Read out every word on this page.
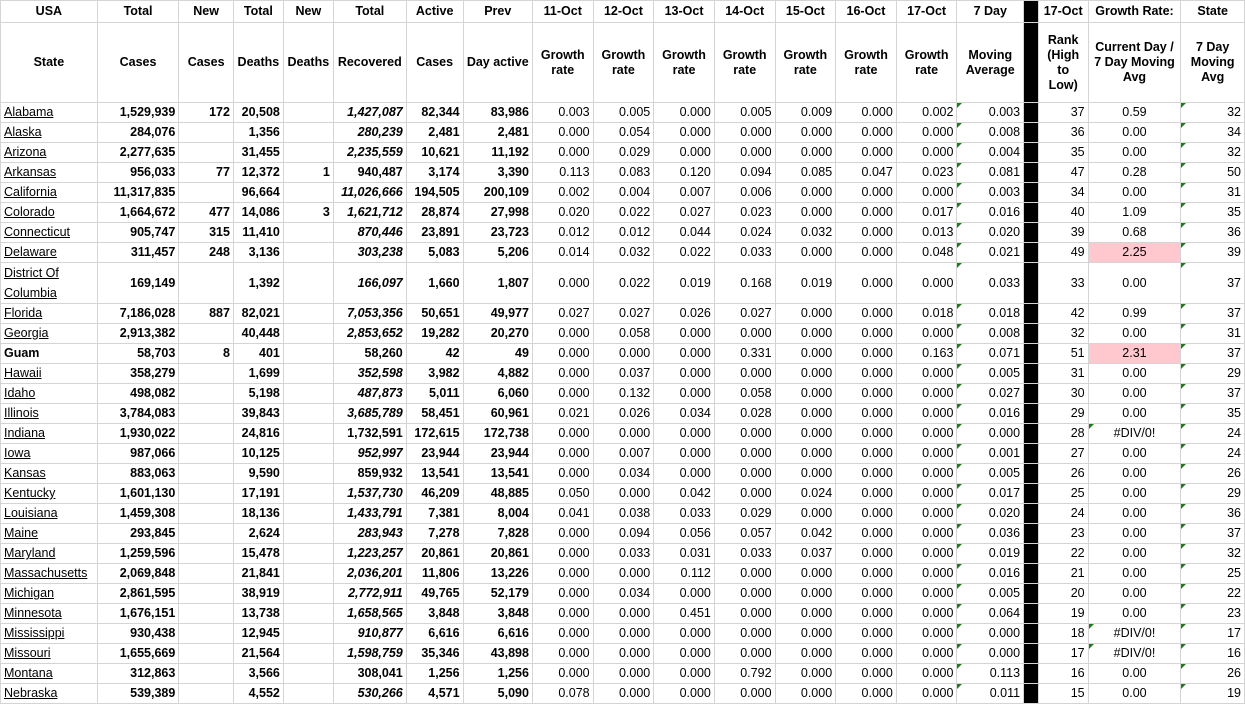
USA	Total	New	Total	New	Total	Active	Prev	11-Oct	12-Oct	13-Oct	14-Oct	15-Oct	16-Oct	17-Oct	7 Day		17-Oct	Growth Rate:	State
State	Cases	Cases	Deaths	Deaths	Recovered	Cases	Day active	Growth rate	Growth rate	Growth rate	Growth rate	Growth rate	Growth rate	Growth rate	Moving Average		Rank (High to Low)	Current Day / 7 Day Moving Avg	7 Day Moving Avg
Alabama	1,529,939	172	20,508		1,427,087	82,344	83,986	0.003	0.005	0.000	0.005	0.009	0.000	0.002	0.003		37	0.59	32
Alaska	284,076		1,356		280,239	2,481	2,481	0.000	0.054	0.000	0.000	0.000	0.000	0.000	0.008		36	0.00	34
Arizona	2,277,635		31,455		2,235,559	10,621	11,192	0.000	0.029	0.000	0.000	0.000	0.000	0.000	0.004		35	0.00	32
Arkansas	956,033	77	12,372	1	940,487	3,174	3,390	0.113	0.083	0.120	0.094	0.085	0.047	0.023	0.081		47	0.28	50
California	11,317,835		96,664		11,026,666	194,505	200,109	0.002	0.004	0.007	0.006	0.000	0.000	0.000	0.003		34	0.00	31
Colorado	1,664,672	477	14,086	3	1,621,712	28,874	27,998	0.020	0.022	0.027	0.023	0.000	0.000	0.017	0.016		40	1.09	35
Connecticut	905,747	315	11,410		870,446	23,891	23,723	0.012	0.012	0.044	0.024	0.032	0.000	0.013	0.020		39	0.68	36
Delaware	311,457	248	3,136		303,238	5,083	5,206	0.014	0.032	0.022	0.033	0.000	0.000	0.048	0.021		49	2.25	39
District Of Columbia	169,149		1,392		166,097	1,660	1,807	0.000	0.022	0.019	0.168	0.019	0.000	0.000	0.033		33	0.00	37
Florida	7,186,028	887	82,021		7,053,356	50,651	49,977	0.027	0.027	0.026	0.027	0.000	0.000	0.018	0.018		42	0.99	37
Georgia	2,913,382		40,448		2,853,652	19,282	20,270	0.000	0.058	0.000	0.000	0.000	0.000	0.000	0.008		32	0.00	31
Guam	58,703	8	401		58,260	42	49	0.000	0.000	0.000	0.331	0.000	0.000	0.163	0.071		51	2.31	37
Hawaii	358,279		1,699		352,598	3,982	4,882	0.000	0.037	0.000	0.000	0.000	0.000	0.000	0.005		31	0.00	29
Idaho	498,082		5,198		487,873	5,011	6,060	0.000	0.132	0.000	0.058	0.000	0.000	0.000	0.027		30	0.00	37
Illinois	3,784,083		39,843		3,685,789	58,451	60,961	0.021	0.026	0.034	0.028	0.000	0.000	0.000	0.016		29	0.00	35
Indiana	1,930,022		24,816		1,732,591	172,615	172,738	0.000	0.000	0.000	0.000	0.000	0.000	0.000	0.000		28	#DIV/0!	24
Iowa	987,066		10,125		952,997	23,944	23,944	0.000	0.007	0.000	0.000	0.000	0.000	0.000	0.001		27	0.00	24
Kansas	883,063		9,590		859,932	13,541	13,541	0.000	0.034	0.000	0.000	0.000	0.000	0.000	0.005		26	0.00	26
Kentucky	1,601,130		17,191		1,537,730	46,209	48,885	0.050	0.000	0.042	0.000	0.024	0.000	0.000	0.017		25	0.00	29
Louisiana	1,459,308		18,136		1,433,791	7,381	8,004	0.041	0.038	0.033	0.029	0.000	0.000	0.000	0.020		24	0.00	36
Maine	293,845		2,624		283,943	7,278	7,828	0.000	0.094	0.056	0.057	0.042	0.000	0.000	0.036		23	0.00	37
Maryland	1,259,596		15,478		1,223,257	20,861	20,861	0.000	0.033	0.031	0.033	0.037	0.000	0.000	0.019		22	0.00	32
Massachusetts	2,069,848		21,841		2,036,201	11,806	13,226	0.000	0.000	0.112	0.000	0.000	0.000	0.000	0.016		21	0.00	25
Michigan	2,861,595		38,919		2,772,911	49,765	52,179	0.000	0.034	0.000	0.000	0.000	0.000	0.000	0.005		20	0.00	22
Minnesota	1,676,151		13,738		1,658,565	3,848	3,848	0.000	0.000	0.451	0.000	0.000	0.000	0.000	0.064		19	0.00	23
Mississippi	930,438		12,945		910,877	6,616	6,616	0.000	0.000	0.000	0.000	0.000	0.000	0.000	0.000		18	#DIV/0!	17
Missouri	1,655,669		21,564		1,598,759	35,346	43,898	0.000	0.000	0.000	0.000	0.000	0.000	0.000	0.000		17	#DIV/0!	16
Montana	312,863		3,566		308,041	1,256	1,256	0.000	0.000	0.000	0.792	0.000	0.000	0.000	0.113		16	0.00	26
Nebraska	539,389		4,552		530,266	4,571	5,090	0.078	0.000	0.000	0.000	0.000	0.000	0.000	0.011		15	0.00	19
